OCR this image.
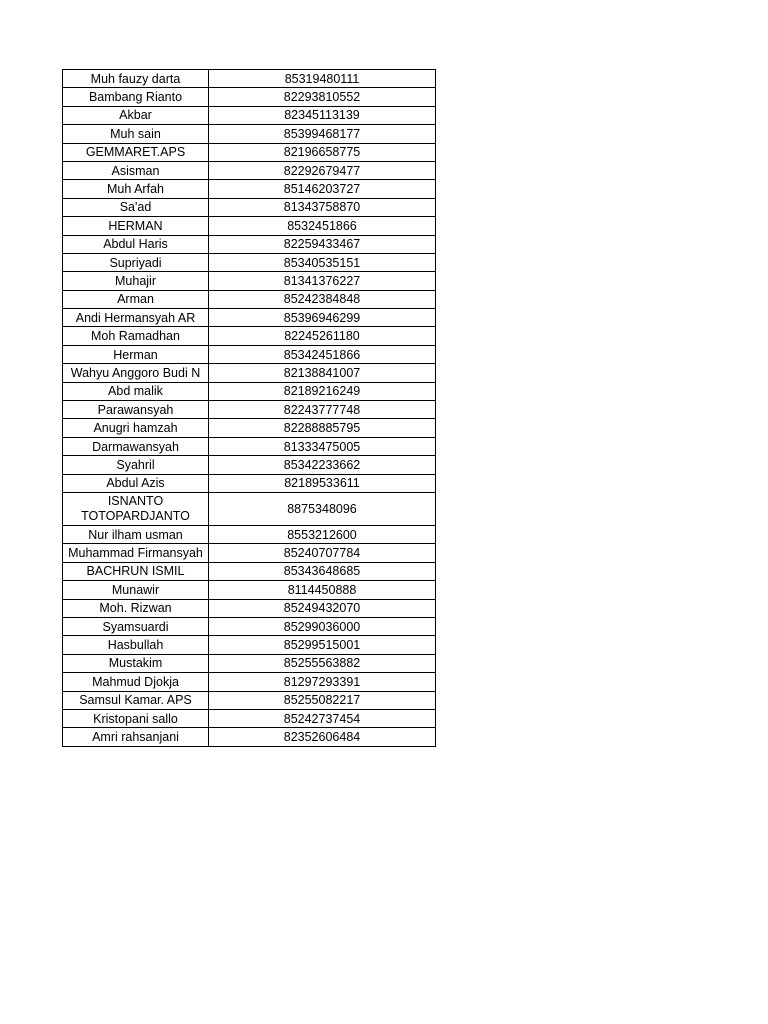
Muh fauzy darta	85319480111
Bambang Rianto	82293810552
Akbar	82345113139
Muh sain	85399468177
GEMMARET.APS	82196658775
Asisman	82292679477
Muh Arfah	85146203727
Sa'ad	81343758870
HERMAN	8532451866
Abdul Haris	82259433467
Supriyadi	85340535151
Muhajir	81341376227
Arman	85242384848
Andi Hermansyah AR	85396946299
Moh Ramadhan	82245261180
Herman	85342451866
Wahyu Anggoro Budi N	82138841007
Abd malik	82189216249
Parawansyah	82243777748
Anugri hamzah	82288885795
Darmawansyah	81333475005
Syahril	85342233662
Abdul Azis	82189533611
ISNANTO TOTOPARDJANTO	8875348096
Nur ilham usman	8553212600
Muhammad Firmansyah	85240707784
BACHRUN ISMIL	85343648685
Munawir	8114450888
Moh. Rizwan	85249432070
Syamsuardi	85299036000
Hasbullah	85299515001
Mustakim	85255563882
Mahmud Djokja	81297293391
Samsul Kamar. APS	85255082217
Kristopani sallo	85242737454
Amri rahsanjani	82352606484
